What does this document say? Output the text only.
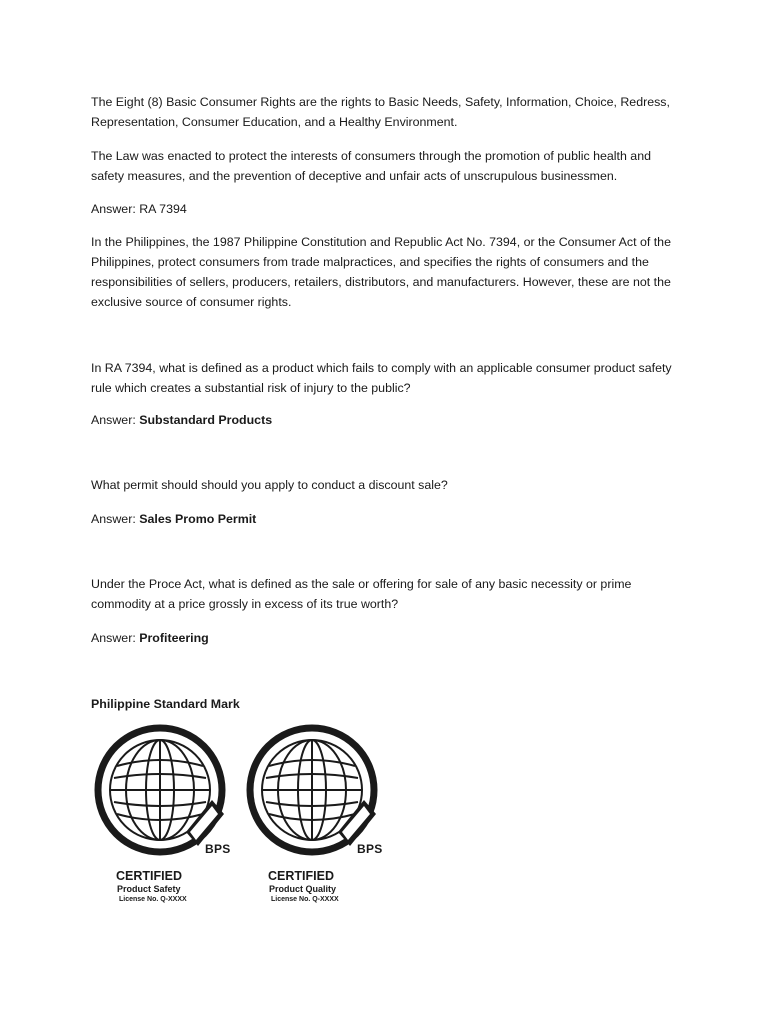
The Eight (8) Basic Consumer Rights are the rights to Basic Needs, Safety, Information, Choice, Redress, Representation, Consumer Education, and a Healthy Environment.

The Law was enacted to protect the interests of consumers through the promotion of public health and safety measures, and the prevention of deceptive and unfair acts of unscrupulous businessmen.

Answer: RA 7394

In the Philippines, the 1987 Philippine Constitution and Republic Act No. 7394, or the Consumer Act of the Philippines, protect consumers from trade malpractices, and specifies the rights of consumers and the responsibilities of sellers, producers, retailers, distributors, and manufacturers. However, these are not the exclusive source of consumer rights.

In RA 7394, what is defined as a product which fails to comply with an applicable consumer product safety rule which creates a substantial risk of injury to the public?

Answer: Substandard Products

What permit should should you apply to conduct a discount sale?

Answer: Sales Promo Permit

Under the Proce Act, what is defined as the sale or offering for sale of any basic necessity or prime commodity at a price grossly in excess of its true worth?

Answer: Profiteering

Philippine Standard Mark

BPS
CERTIFIED
Product Safety
License No. Q-XXXX
BPS
CERTIFIED
Product Quality
License No. Q-XXXX
